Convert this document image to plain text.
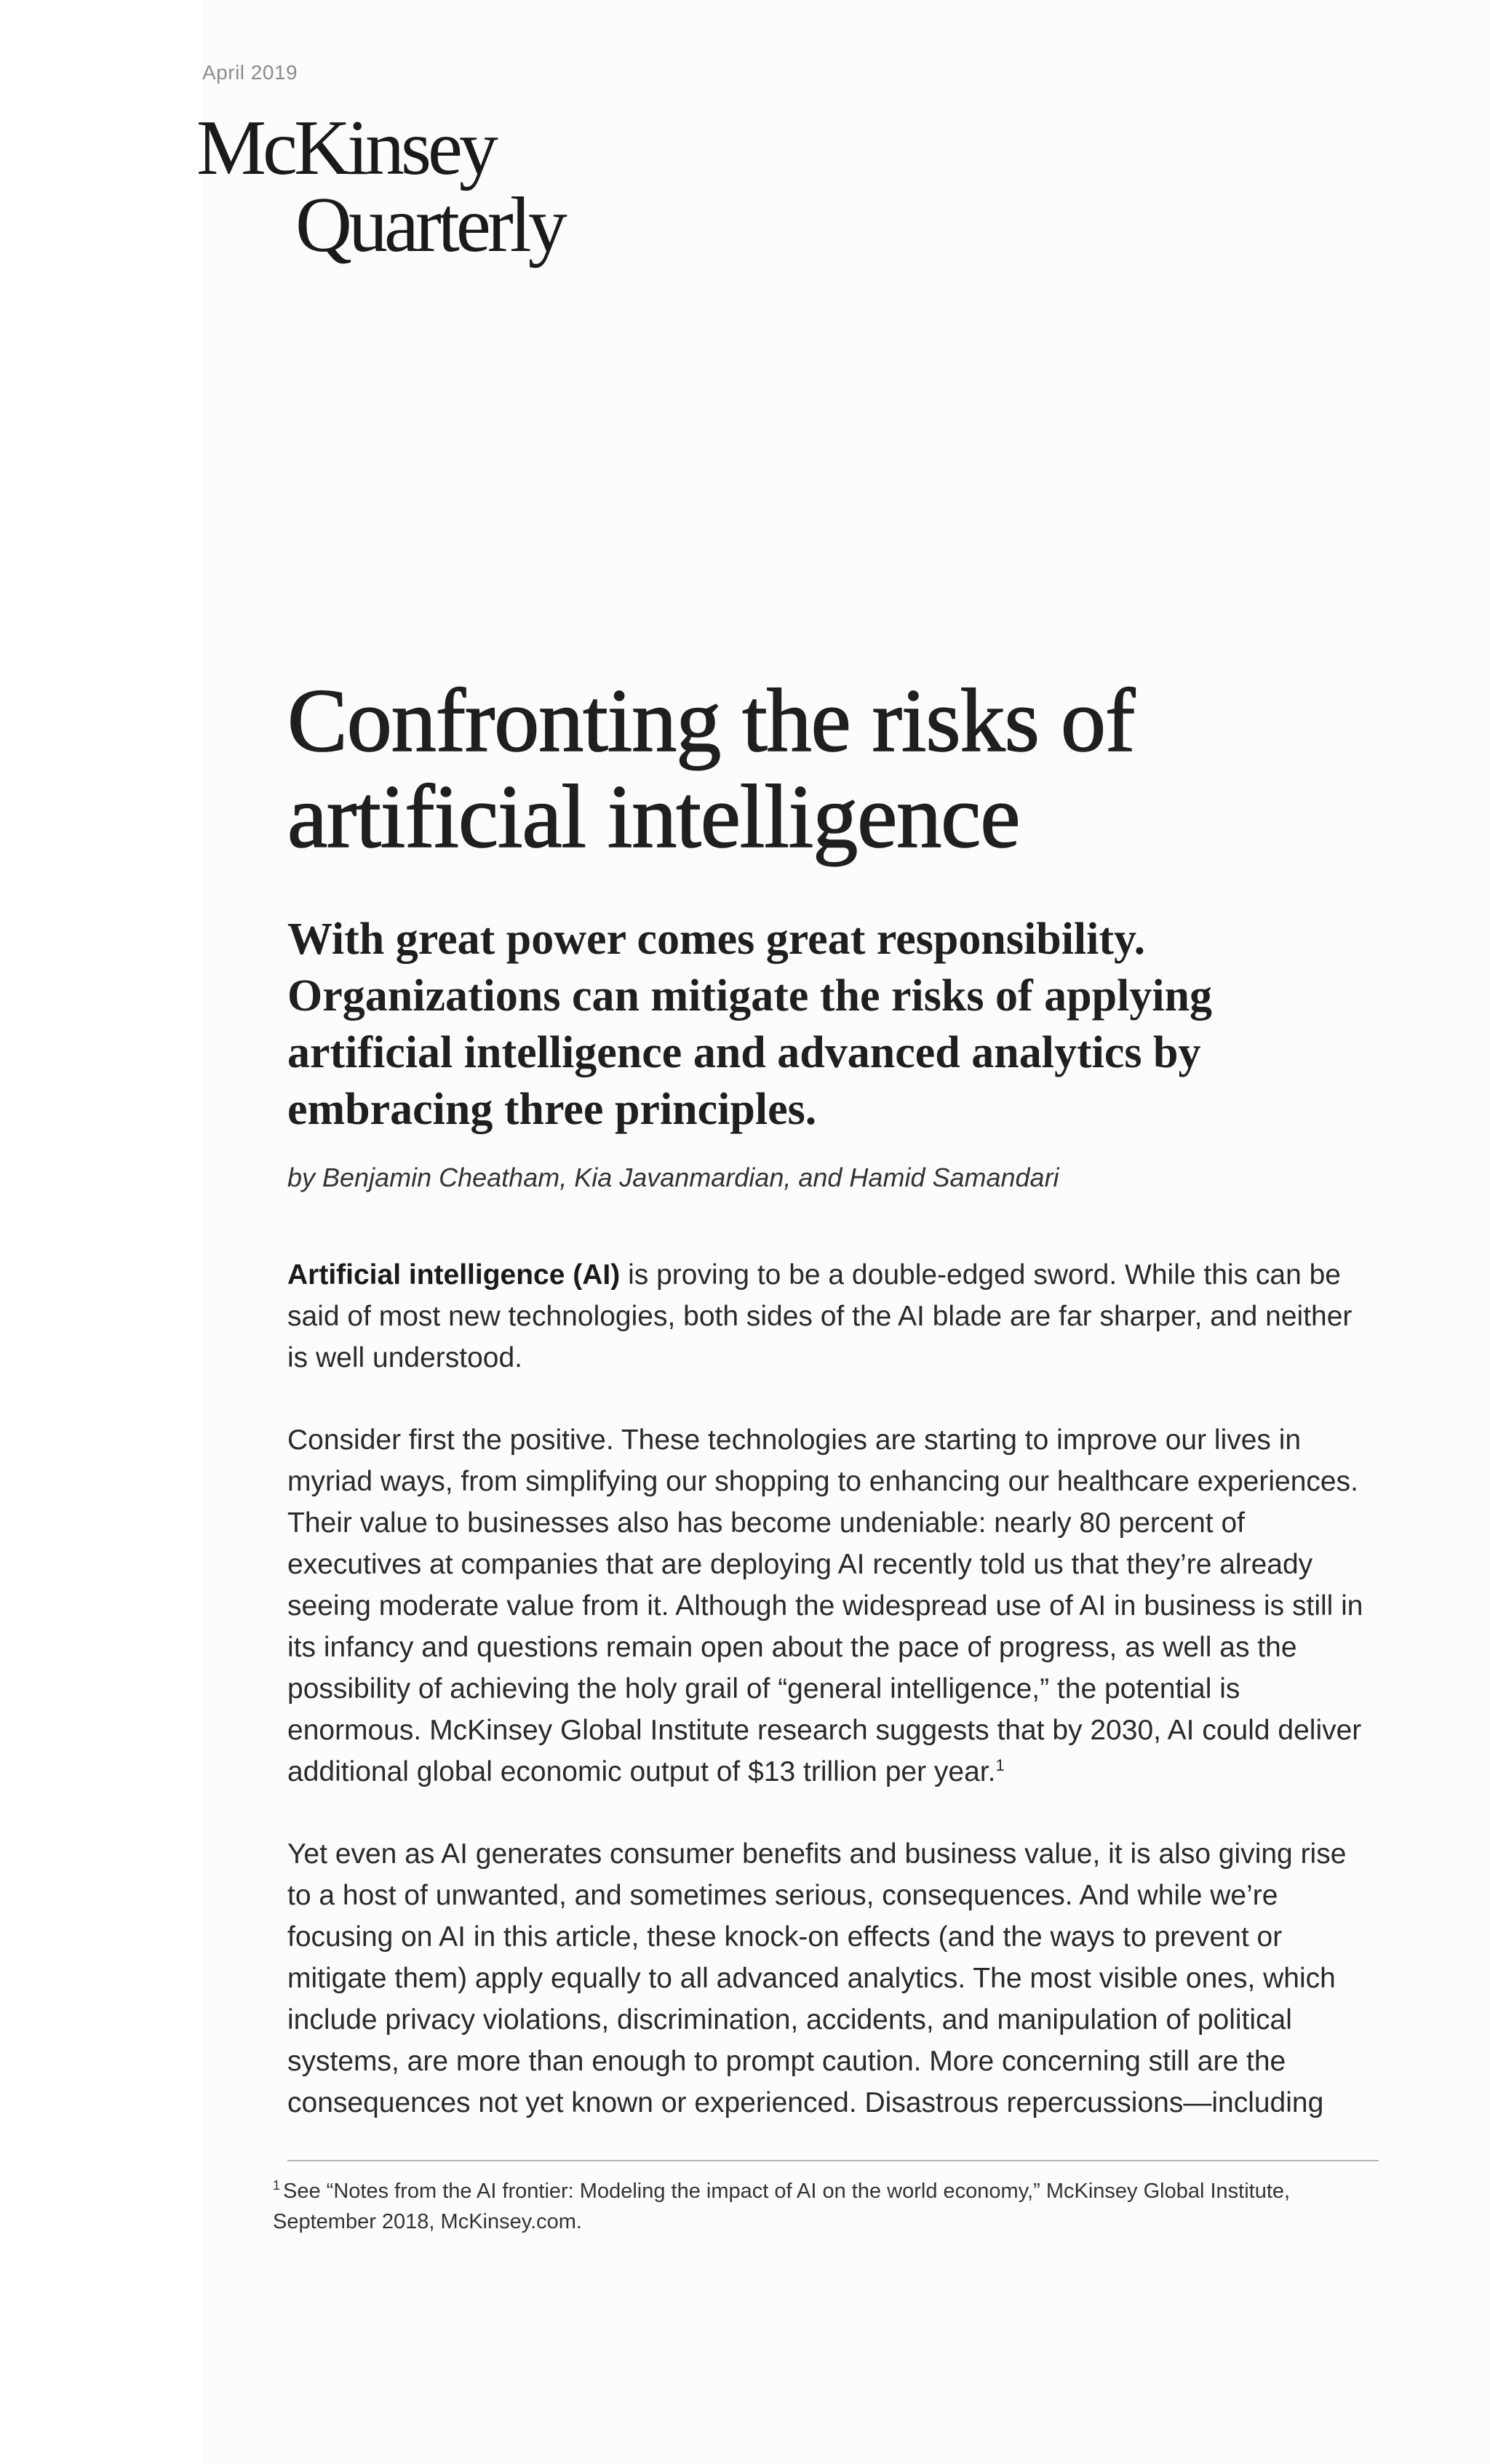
April 2019
McKinsey
Quarterly
Confronting the risks of artificial intelligence
With great power comes great responsibility. Organizations can mitigate the risks of applying artificial intelligence and advanced analytics by embracing three principles.
by Benjamin Cheatham, Kia Javanmardian, and Hamid Samandari

Artificial intelligence (AI) is proving to be a double-edged sword. While this can be said of most new technologies, both sides of the AI blade are far sharper, and neither is well understood.

Consider first the positive. These technologies are starting to improve our lives in myriad ways, from simplifying our shopping to enhancing our healthcare experiences. Their value to businesses also has become undeniable: nearly 80 percent of executives at companies that are deploying AI recently told us that they’re already seeing moderate value from it. Although the widespread use of AI in business is still in its infancy and questions remain open about the pace of progress, as well as the possibility of achieving the holy grail of “general intelligence,” the potential is enormous. McKinsey Global Institute research suggests that by 2030, AI could deliver additional global economic output of $13 trillion per year.$^1$

Yet even as AI generates consumer benefits and business value, it is also giving rise to a host of unwanted, and sometimes serious, consequences. And while we’re focusing on AI in this article, these knock-on effects (and the ways to prevent or mitigate them) apply equally to all advanced analytics. The most visible ones, which include privacy violations, discrimination, accidents, and manipulation of political systems, are more than enough to prompt caution. More concerning still are the consequences not yet known or experienced. Disastrous repercussions—including

$^1$ See “Notes from the AI frontier: Modeling the impact of AI on the world economy,” McKinsey Global Institute, September 2018, McKinsey.com.
